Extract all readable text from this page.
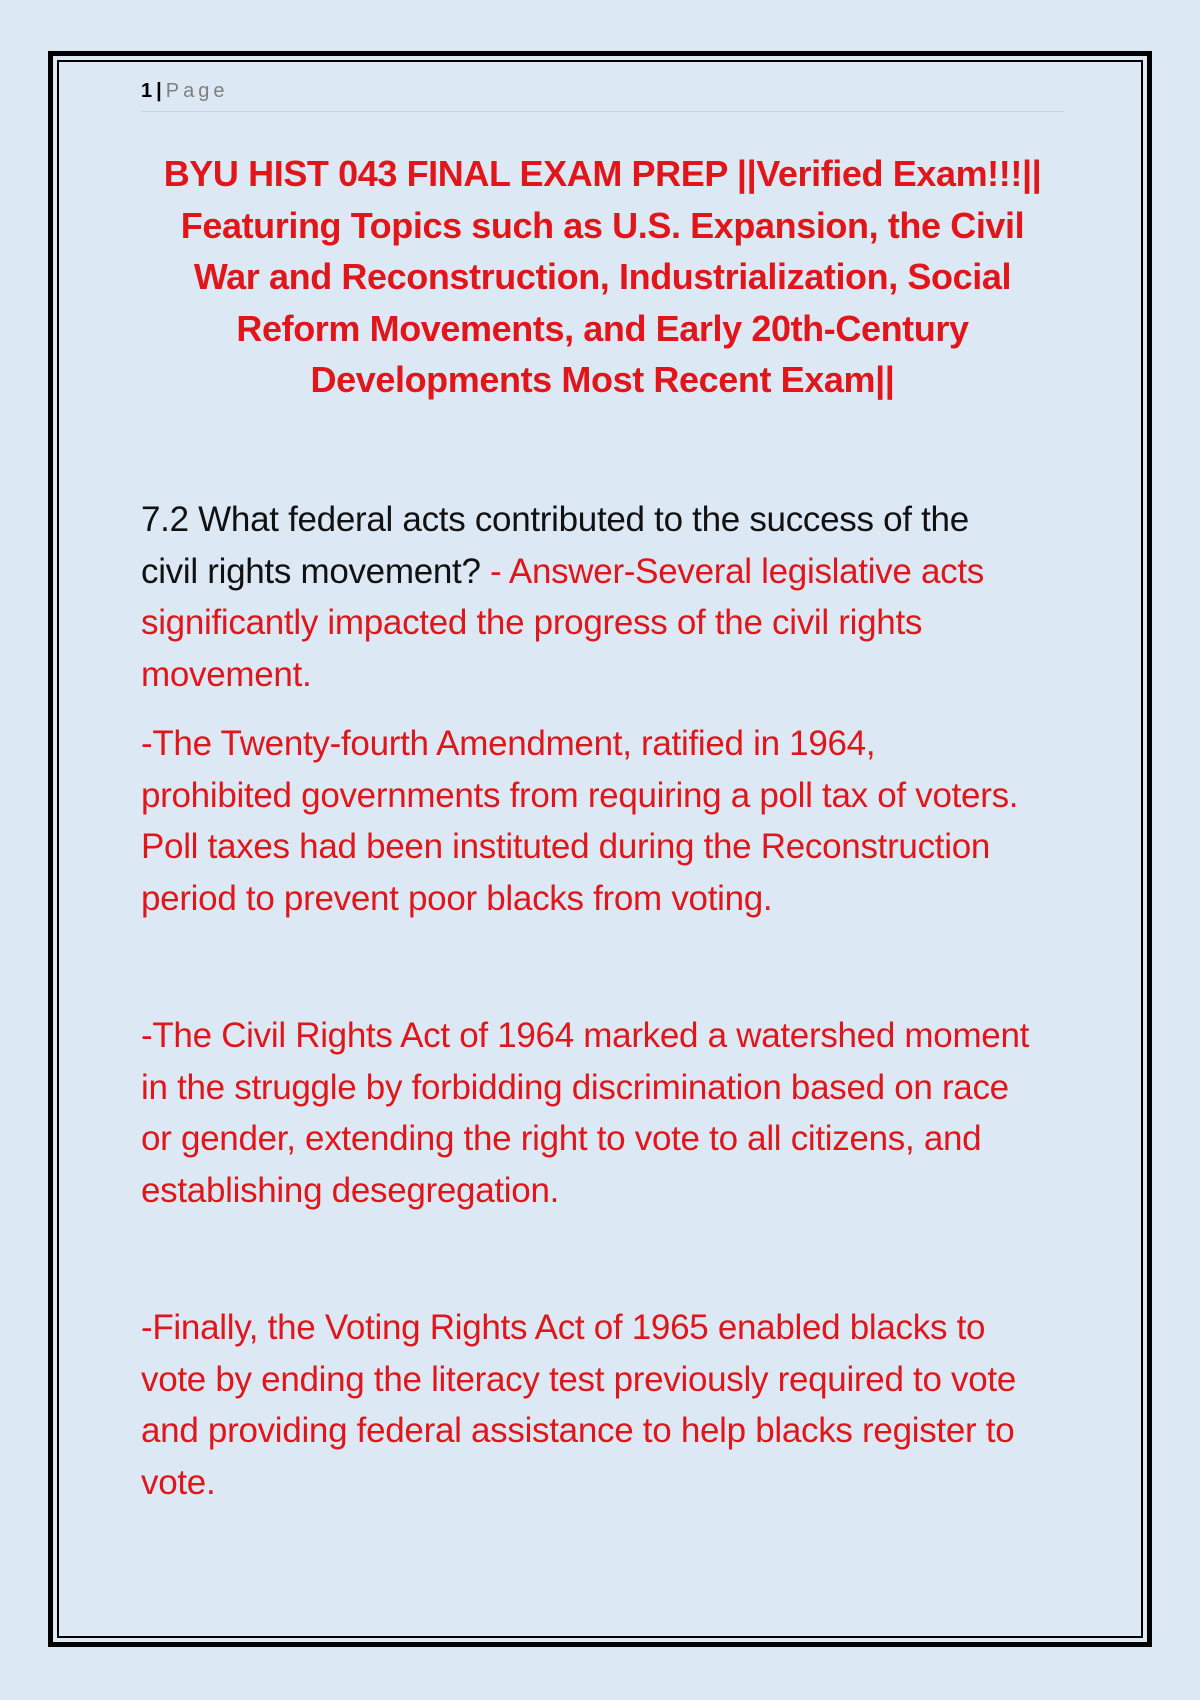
1 | Page
BYU HIST 043 FINAL EXAM PREP ||Verified Exam!!!||
Featuring Topics such as U.S. Expansion, the Civil
War and Reconstruction, Industrialization, Social
Reform Movements, and Early 20th-Century
Developments Most Recent Exam||

7.2 What federal acts contributed to the success of the
civil rights movement? - Answer-Several legislative acts
significantly impacted the progress of the civil rights
movement.

-The Twenty-fourth Amendment, ratified in 1964,
prohibited governments from requiring a poll tax of voters.
Poll taxes had been instituted during the Reconstruction
period to prevent poor blacks from voting.

-The Civil Rights Act of 1964 marked a watershed moment
in the struggle by forbidding discrimination based on race
or gender, extending the right to vote to all citizens, and
establishing desegregation.

-Finally, the Voting Rights Act of 1965 enabled blacks to
vote by ending the literacy test previously required to vote
and providing federal assistance to help blacks register to
vote.
